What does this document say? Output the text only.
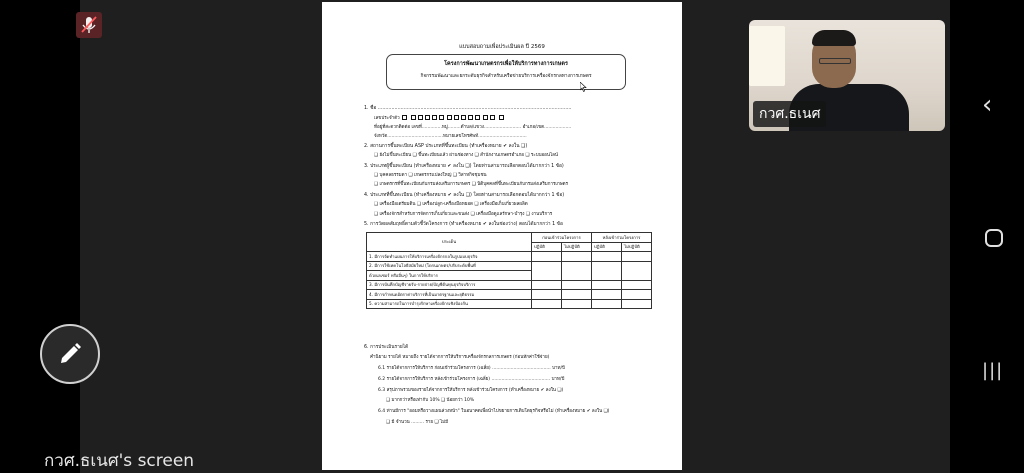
แบบสอบถามเพื่อประเมินผล ปี 2569
โครงการพัฒนาเกษตรกรเพื่อให้บริการทางการเกษตร
กิจกรรมพัฒนาและยกระดับธุรกิจสำหรับเครือข่ายบริการเครื่องจักรกลทางการเกษตร
1. ชื่อ ...............................................................................................................................
เลขประจำตัว
ที่อยู่ที่สะดวกติดต่อ เลขที่..............หมู่.........ตำบล/แขวง.......................... อำเภอ/เขต...................
จังหวัด.......................................หมายเลขโทรศัพท์..................................
2. สถานการขึ้นทะเบียน ASP ประเภทที่ขึ้นทะเบียน (ทำเครื่องหมาย ✔ ลงใน ❑)
❑ ยังไม่ขึ้นทะเบียน ❑ ขึ้นทะเบียนแล้ว ผ่านช่องทาง ❑ สำนักงานเกษตรอำเภอ ❑ ระบบออนไลน์
3. ประเภทผู้ขึ้นทะเบียน (ทำเครื่องหมาย ✔ ลงใน ❑) โดยท่านสามารถเลือกตอบได้มากกว่า 1 ข้อ)
❑ บุคคลธรรมดา ❑ เกษตรกรแปลงใหญ่ ❑ วิสาหกิจชุมชน
❑ เกษตรกรที่ขึ้นทะเบียนกับกรมส่งเสริมการเกษตร ❑ นิติบุคคลที่ขึ้นทะเบียนกับกรมส่งเสริมการเกษตร
4. ประเภทที่ขึ้นทะเบียน (ทำเครื่องหมาย ✔ ลงใน ❑) โดยท่านสามารถเลือกตอบได้มากกว่า 1 ข้อ)
❑ เครื่องมือเตรียมดิน ❑ เครื่องปลูก-เครื่องมือหยอด ❑ เครื่องมือเก็บเกี่ยวผลผลิต
❑ เครื่องจักรสำหรับการจัดการเก็บเกี่ยวและขนส่ง ❑ เครื่องมือดูแลรักษา-บำรุง ❑ งานบริการ
5. การวัดผลสัมฤทธิ์ตามตัวชี้วัดโครงการ (ทำเครื่องหมาย ✔ ลงในช่องว่าง) ตอบได้มากกว่า 1 ข้อ
ประเด็น	ก่อนเข้าร่วมโครงการ		หลังเข้าร่วมโครงการ	
	ปฏิบัติ	ไม่ปฏิบัติ	ปฏิบัติ	ไม่ปฏิบัติ
1. มีการจัดทำแผนการให้บริการเครื่องจักรกลในรูปแบบธุรกิจ				
2. มีการใช้เทคโนโลยีสมัยใหม่ (โดรนเกษตร/ปรับระดับพื้นที่				
ด้วยเลเซอร์ หรืออื่นๆ) ในการให้บริการ				
3. มีการบันทึกบัญชีรายรับ-รายจ่าย/บัญชีต้นทุนธุรกิจบริการ				
4. มีการกำหนดอัตราค่าบริการที่เป็นมาตรฐานและยุติธรรม				
5. ความสามารถในการบำรุงรักษาเครื่องจักรเชิงป้องกัน				
6. การประเมินรายได้
คำนิยาม รายได้ หมายถึง รายได้จากการให้บริการเครื่องจักรกลการเกษตร (ก่อนหักค่าใช้จ่าย)
6.1 รายได้จากการให้บริการ ก่อนเข้าร่วมโครงการ (เฉลี่ย) ......................................... บาท/ปี
6.2 รายได้จากการให้บริการ หลังเข้าร่วมโครงการ (เฉลี่ย) ......................................... บาท/ปี
6.3 สรุปภาพรวมของรายได้จากการให้บริการ หลังเข้าร่วมโครงการ (ทำเครื่องหมาย ✔ ลงใน ❑)
❑ มากกว่าหรือเท่ากับ 10% ❑ น้อยกว่า 10%
6.4 ท่านมีการ "ออมหรือวางแผนล่วงหน้า" ในอนาคตเพื่อนำไปขยายการเติบโตธุรกิจหรือไม่ (ทำเครื่องหมาย ✔ ลงใน ❑)
❑ มี จำนวน ......... ราย ❑ ไม่มี
กวศ.ธเนศ
กวศ.ธเนศ's screen
‹
|||
